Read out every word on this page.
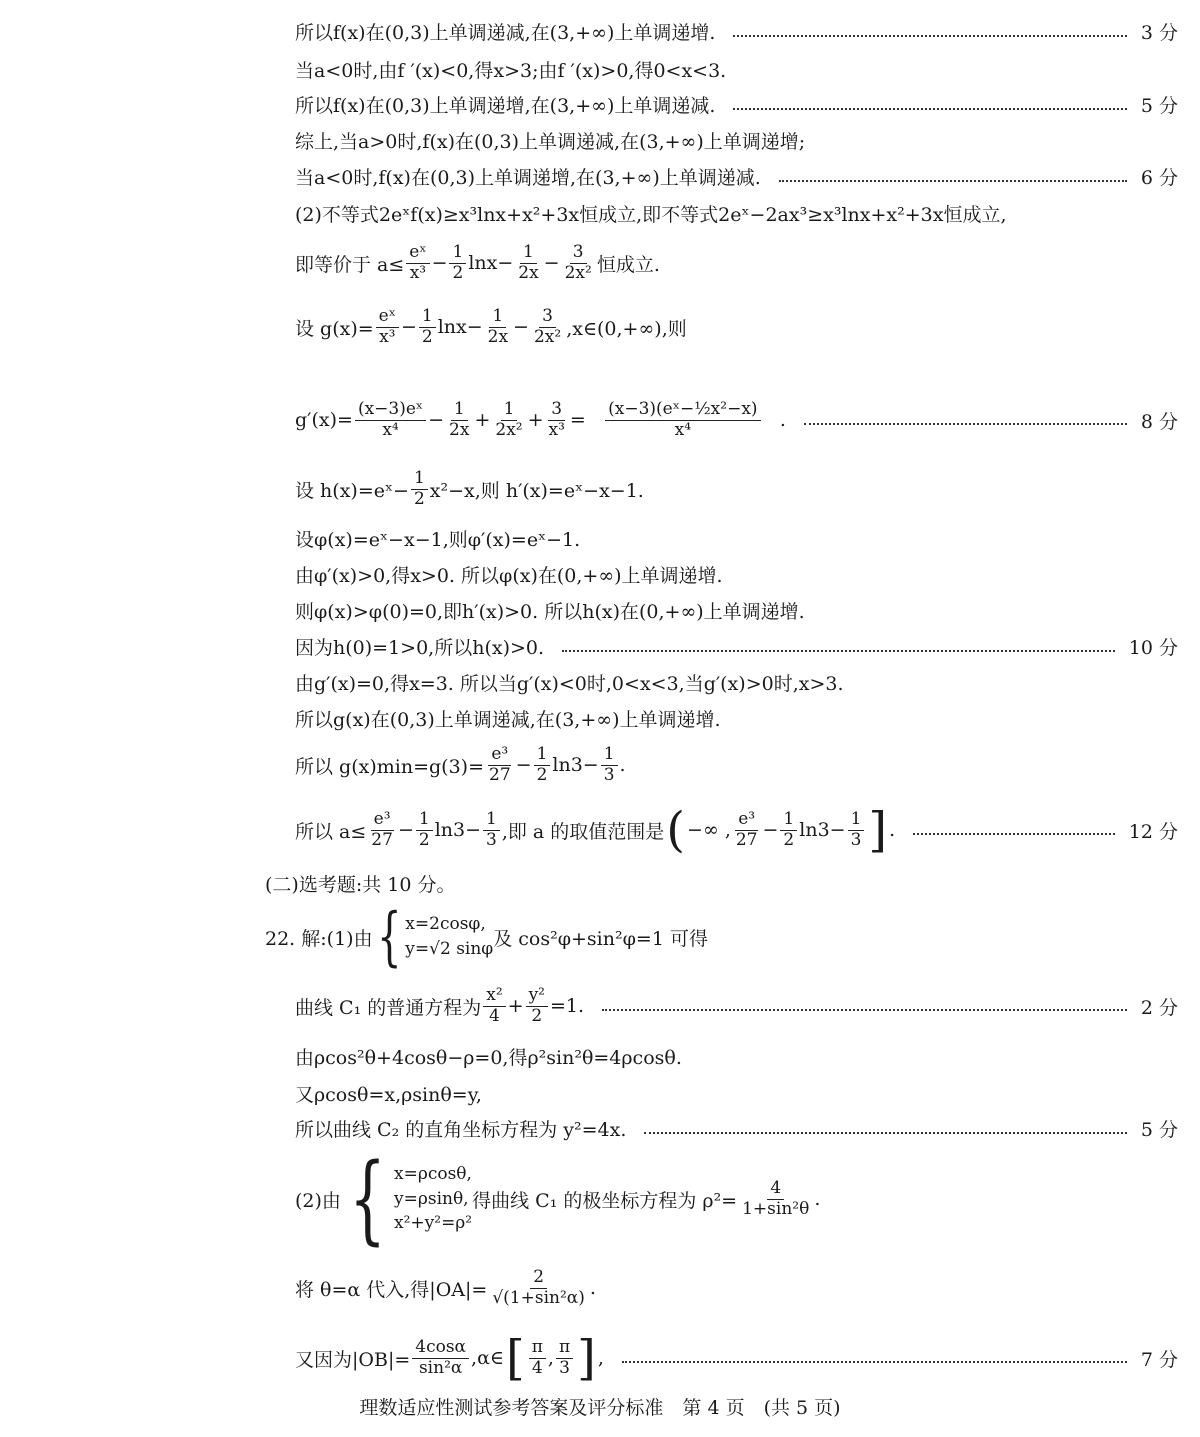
所以f(x)在(0,3)上单调递减,在(3,+∞)上单调递增.	3 分
当a<0时,由f ′(x)<0,得x>3;由f ′(x)>0,得0<x<3.
所以f(x)在(0,3)上单调递增,在(3,+∞)上单调递减.	5 分
综上,当a>0时,f(x)在(0,3)上单调递减,在(3,+∞)上单调递增;
当a<0时,f(x)在(0,3)上单调递增,在(3,+∞)上单调递减.	6 分
(2)不等式2eˣf(x)≥x³lnx+x²+3x恒成立,即不等式2eˣ−2ax³≥x³lnx+x²+3x恒成立,
即等价于 $a\le \frac{\text{eˣ}}{\text{x³}} - \frac{1}{2} \ln x- \frac{1}{2x} - \frac{3}{\text{2x²}}$ 恒成立.
设 $g(x)= \frac{\text{eˣ}}{\text{x³}} - \frac{1}{2} \ln x- \frac{1}{2x} - \frac{3}{\text{2x²}}$ ,x∈(0,+∞),则
$g'(x)= \frac{\text{(x−3)eˣ}}{\text{x⁴}} - \frac{1}{2x} + \frac{1}{\text{2x²}} + \frac{3}{\text{x³}} = \frac{\text{(x−3)(eˣ−½x²−x)}}{\text{x⁴}}$ .	8 分
设 h(x)=eˣ− $\frac{1}{2} x^2-x$,则 h′(x)=eˣ−x−1.
设φ(x)=eˣ−x−1,则φ′(x)=eˣ−1.
由φ′(x)>0,得x>0. 所以φ(x)在(0,+∞)上单调递增.
则φ(x)>φ(0)=0,即h′(x)>0. 所以h(x)在(0,+∞)上单调递增.
因为h(0)=1>0,所以h(x)>0.	10 分
由g′(x)=0,得x=3. 所以当g′(x)<0时,0<x<3,当g′(x)>0时,x>3.
所以g(x)在(0,3)上单调递减,在(3,+∞)上单调递增.
所以 $g(x)\min=g(3)= \frac{\text{e³}}{27} - \frac{1}{2} \ln 3- \frac{1}{3}$ .
所以 $a\le \frac{\text{e³}}{27} - \frac{1}{2} \ln 3- \frac{1}{3}$ ,即 a 的取值范围是 ( −∞ , $\frac{\text{e³}}{27} - \frac{1}{2} \ln 3- \frac{1}{3}$ ] .	12 分
(二)选考题:共 10 分。
22. 解:(1)由 { x=2cosφ,
y=√2 sinφ 及 cos²φ+sin²φ=1 可得
曲线 C₁ 的普通方程为 $\frac{\text{x²}}{4} + \frac{\text{y²}}{2} =1$.	2 分
由ρcos²θ+4cosθ−ρ=0,得ρ²sin²θ=4ρcosθ.
又ρcosθ=x,ρsinθ=y,
所以曲线 C₂ 的直角坐标方程为 y²=4x.	5 分
(2)由 { x=ρcosθ,
y=ρsinθ,
x²+y²=ρ²
得曲线 C₁ 的极坐标方程为 $\rho^2= \frac{4}{\text{1+sin²θ}}$ .
将 θ=α 代入,得$|OA|= \frac{2}{\text{√(1+sin²α)}}$ .
又因为$|OB|= \frac{4\cos\alpha}{\text{sin²α}}$ ,α∈ [ $\frac{\pi}{4}$ , $\frac{\pi}{3}$ ] ,	7 分
理数适应性测试参考答案及评分标准　第 4 页　(共 5 页)
